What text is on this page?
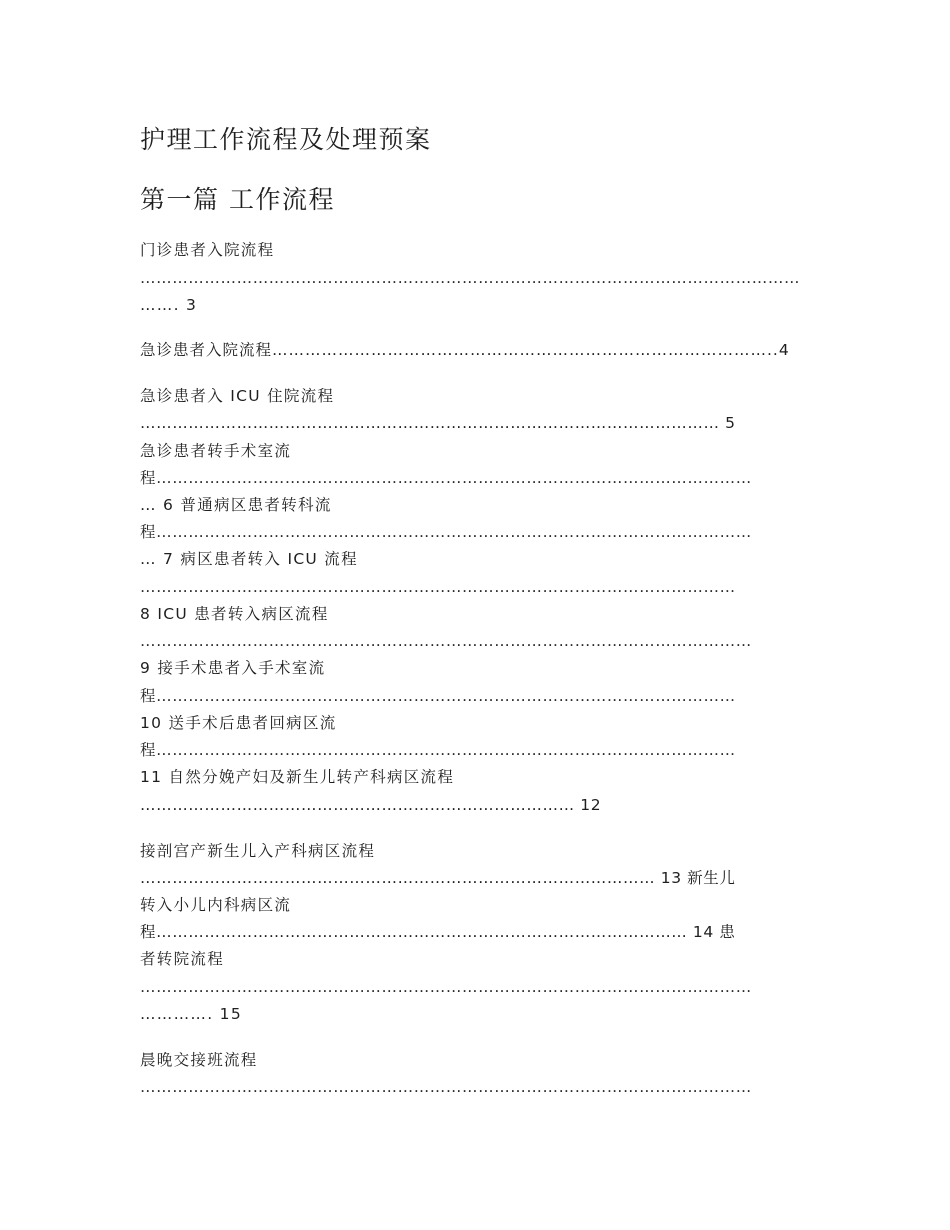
护理工作流程及处理预案
第一篇 工作流程
门诊患者入院流程
……………………………………………………………………………………………………………
……. 3
急诊患者入院流程………………………………………………………………………………..4
急诊患者入 ICU 住院流程
……………………………………………………………………………………………… 5
急诊患者转手术室流
程…………………………………………………………………………………………………
… 6 普通病区患者转科流
程…………………………………………………………………………………………………
… 7 病区患者转入 ICU 流程
…………………………………………………………………………………………………
8 ICU 患者转入病区流程
……………………………………………………………………………………………………
9 接手术患者入手术室流
程………………………………………………………………………………………………
10 送手术后患者回病区流
程………………………………………………………………………………………………
11 自然分娩产妇及新生儿转产科病区流程
……………………………………………………………………… 12
接剖宫产新生儿入产科病区流程
…………………………………………………………………………………… 13 新生儿
转入小儿内科病区流
程……………………………………………………………………………………… 14 患
者转院流程
……………………………………………………………………………………………………
…………. 15
晨晚交接班流程
……………………………………………………………………………………………………
